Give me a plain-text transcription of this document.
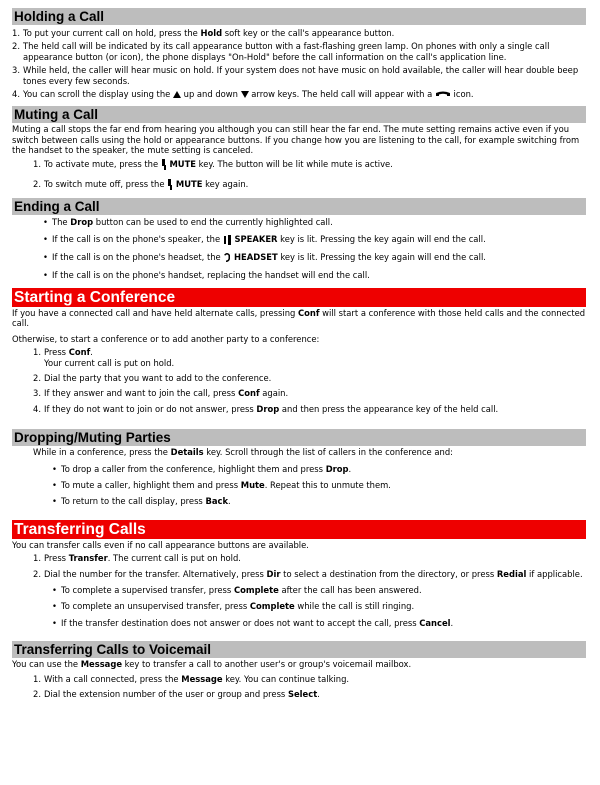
Holding a Call
1. To put your current call on hold, press the Hold soft key or the call's appearance button.
2. The held call will be indicated by its call appearance button with a fast-flashing green lamp. On phones with only a single call appearance button (or icon), the phone displays "On-Hold" before the call information on the call's application line.
3. While held, the caller will hear music on hold. If your system does not have music on hold available, the caller will hear double beep tones every few seconds.
4. You can scroll the display using the  up and down  arrow keys. The held call will appear with a  icon.
Muting a Call
Muting a call stops the far end from hearing you although you can still hear the far end. The mute setting remains active even if you switch between calls using the hold or appearance buttons. If you change how you are listening to the call, for example switching from the handset to the speaker, the mute setting is canceled.
1. To activate mute, press the  MUTE key. The button will be lit while mute is active.
2. To switch mute off, press the  MUTE key again.
Ending a Call
• The Drop button can be used to end the currently highlighted call.
• If the call is on the phone's speaker, the  SPEAKER key is lit. Pressing the key again will end the call.
• If the call is on the phone's headset, the  HEADSET key is lit. Pressing the key again will end the call.
• If the call is on the phone's handset, replacing the handset will end the call.
Starting a Conference
If you have a connected call and have held alternate calls, pressing Conf will start a conference with those held calls and the connected call.
Otherwise, to start a conference or to add another party to a conference:
1. Press Conf.
Your current call is put on hold.
2. Dial the party that you want to add to the conference.
3. If they answer and want to join the call, press Conf again.
4. If they do not want to join or do not answer, press Drop and then press the appearance key of the held call.
Dropping/Muting Parties
While in a conference, press the Details key. Scroll through the list of callers in the conference and:
• To drop a caller from the conference, highlight them and press Drop.
• To mute a caller, highlight them and press Mute. Repeat this to unmute them.
• To return to the call display, press Back.
Transferring Calls
You can transfer calls even if no call appearance buttons are available.
1. Press Transfer. The current call is put on hold.
2. Dial the number for the transfer. Alternatively, press Dir to select a destination from the directory, or press Redial if applicable.
• To complete a supervised transfer, press Complete after the call has been answered.
• To complete an unsupervised transfer, press Complete while the call is still ringing.
• If the transfer destination does not answer or does not want to accept the call, press Cancel.
Transferring Calls to Voicemail
You can use the Message key to transfer a call to another user's or group's voicemail mailbox.
1. With a call connected, press the Message key. You can continue talking.
2. Dial the extension number of the user or group and press Select.
